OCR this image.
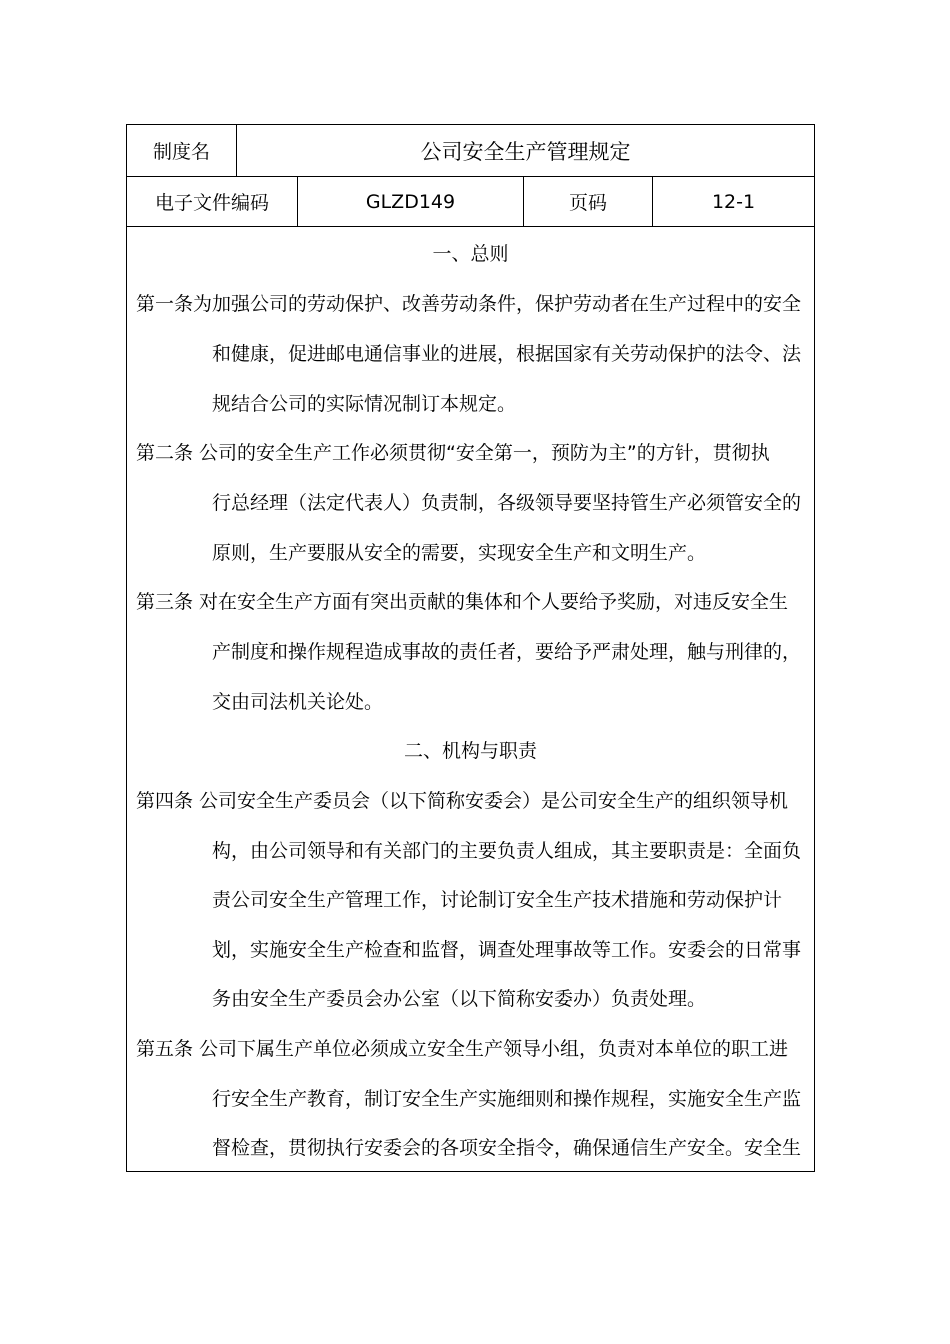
制度名	公司安全生产管理规定
电子文件编码	GLZD149	页码	12-1
一、总则
第一条为加强公司的劳动保护、改善劳动条件，保护劳动者在生产过程中的安全
和健康，促进邮电通信事业的进展，根据国家有关劳动保护的法令、法
规结合公司的实际情况制订本规定。
第二条 公司的安全生产工作必须贯彻“安全第一，预防为主”的方针，贯彻执
行总经理（法定代表人）负责制，各级领导要坚持管生产必须管安全的
原则，生产要服从安全的需要，实现安全生产和文明生产。
第三条 对在安全生产方面有突出贡献的集体和个人要给予奖励，对违反安全生
产制度和操作规程造成事故的责任者，要给予严肃处理，触与刑律的，
交由司法机关论处。
二、机构与职责
第四条 公司安全生产委员会（以下简称安委会）是公司安全生产的组织领导机
构，由公司领导和有关部门的主要负责人组成，其主要职责是：全面负
责公司安全生产管理工作，讨论制订安全生产技术措施和劳动保护计
划，实施安全生产检查和监督，调查处理事故等工作。安委会的日常事
务由安全生产委员会办公室（以下简称安委办）负责处理。
第五条 公司下属生产单位必须成立安全生产领导小组，负责对本单位的职工进
行安全生产教育，制订安全生产实施细则和操作规程，实施安全生产监
督检查，贯彻执行安委会的各项安全指令，确保通信生产安全。安全生
